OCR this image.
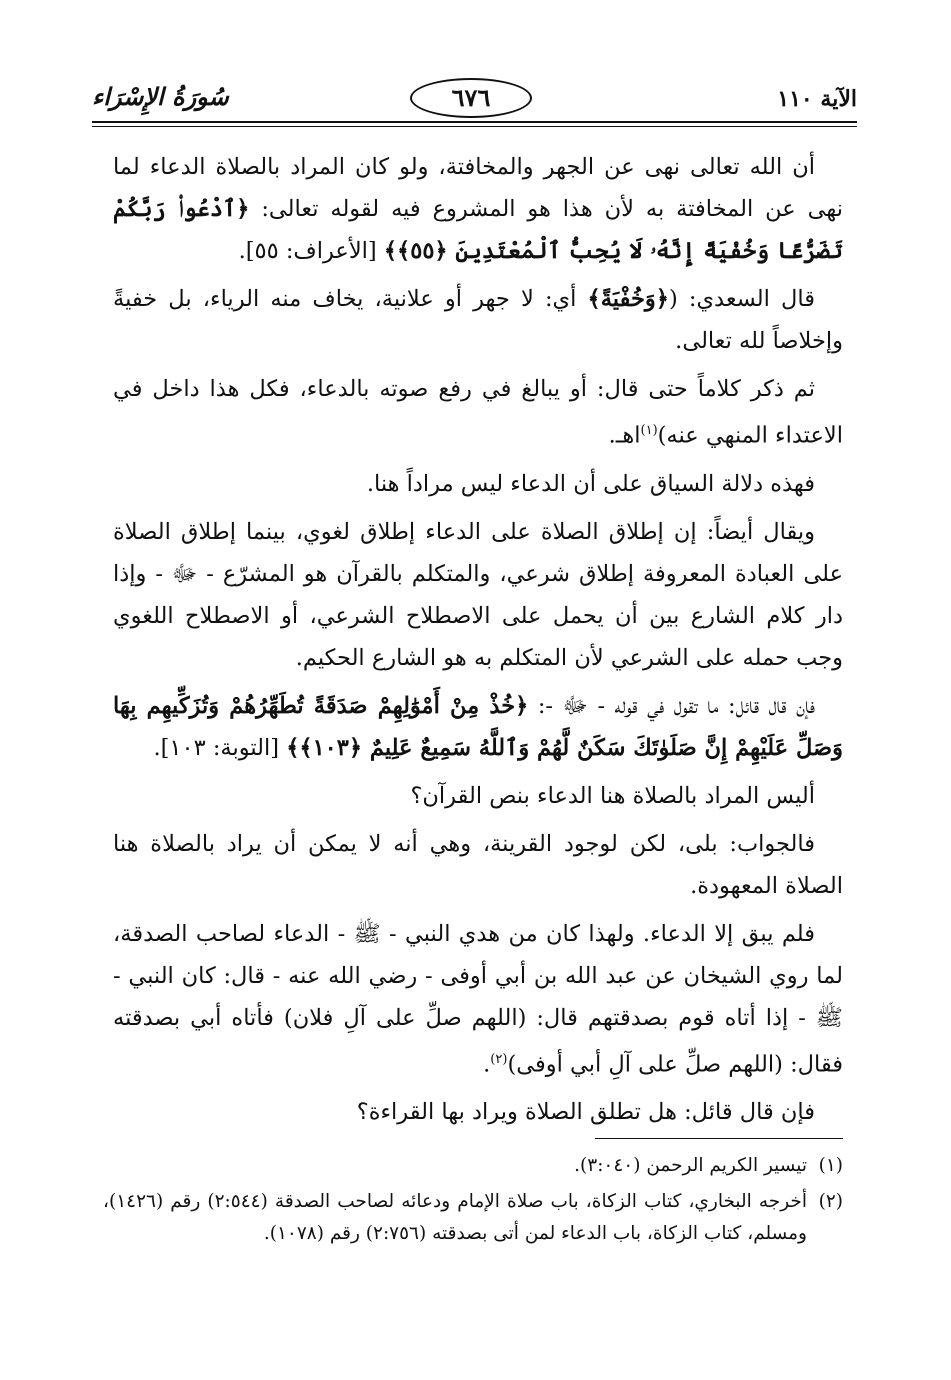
الآية ١١٠
٦٧٦
سُورَةُ الإِسْرَاء

أن الله تعالى نهى عن الجهر والمخافتة، ولو كان المراد بالصلاة الدعاء لما نهى عن المخافتة به لأن هذا هو المشروع فيه لقوله تعالى: ﴿ٱدْعُوا۟ رَبَّكُمْ تَضَرُّعًا وَخُفْيَةً إِنَّهُۥ لَا يُحِبُّ ٱلْمُعْتَدِينَ ﴿٥٥﴾﴾ [الأعراف: ٥٥].

قال السعدي: (﴿وَخُفْيَةً﴾ أي: لا جهر أو علانية، يخاف منه الرياء، بل خفيةً وإخلاصاً لله تعالى.

ثم ذكر كلاماً حتى قال: أو يبالغ في رفع صوته بالدعاء، فكل هذا داخل في الاعتداء المنهي عنه)$^{(١)}$اهـ.

فهذه دلالة السياق على أن الدعاء ليس مراداً هنا.

ويقال أيضاً: إن إطلاق الصلاة على الدعاء إطلاق لغوي، بينما إطلاق الصلاة على العبادة المعروفة إطلاق شرعي، والمتكلم بالقرآن هو المشرّع - ﷻ - وإذا دار كلام الشارع بين أن يحمل على الاصطلاح الشرعي، أو الاصطلاح اللغوي وجب حمله على الشرعي لأن المتكلم به هو الشارع الحكيم.

فإن قال قائل: ما تقول في قوله - ﷻ -: ﴿خُذْ مِنْ أَمْوَٰلِهِمْ صَدَقَةً تُطَهِّرُهُمْ وَتُزَكِّيهِم بِهَا وَصَلِّ عَلَيْهِمْ إِنَّ صَلَوٰتَكَ سَكَنٌ لَّهُمْ وَٱللَّهُ سَمِيعٌ عَلِيمٌ ﴿١٠٣﴾﴾ [التوبة: ١٠٣].

أليس المراد بالصلاة هنا الدعاء بنص القرآن؟

فالجواب: بلى، لكن لوجود القرينة، وهي أنه لا يمكن أن يراد بالصلاة هنا الصلاة المعهودة.

فلم يبق إلا الدعاء. ولهذا كان من هدي النبي - ﷺ - الدعاء لصاحب الصدقة، لما روي الشيخان عن عبد الله بن أبي أوفى - رضي الله عنه - قال: كان النبي - ﷺ - إذا أتاه قوم بصدقتهم قال: (اللهم صلِّ على آلِ فلان) فأتاه أبي بصدقته فقال: (اللهم صلِّ على آلِ أبي أوفى)$^{(٢)}$.

فإن قال قائل: هل تطلق الصلاة ويراد بها القراءة؟

(١)تيسير الكريم الرحمن (٣:٠٤٠).

(٢)أخرجه البخاري، كتاب الزكاة، باب صلاة الإمام ودعائه لصاحب الصدقة (٢:٥٤٤) رقم (١٤٢٦)، ومسلم، كتاب الزكاة، باب الدعاء لمن أتى بصدقته (٢:٧٥٦) رقم (١٠٧٨).
